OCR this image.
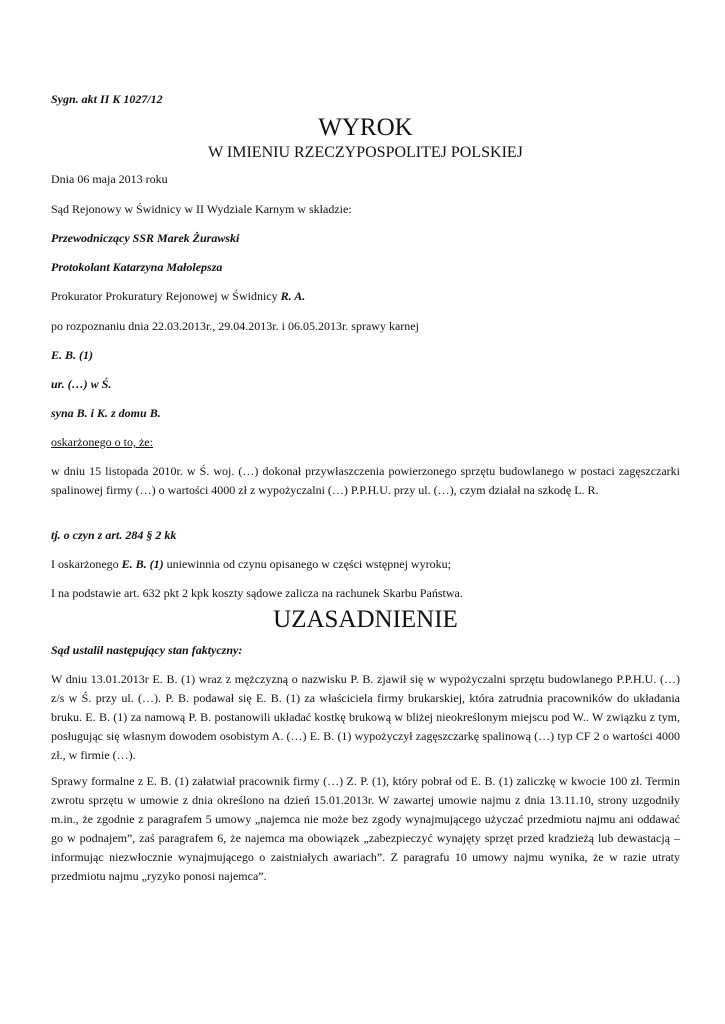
Sygn. akt II K 1027/12

WYROK
W IMIENIU RZECZYPOSPOLITEJ POLSKIEJ

Dnia 06 maja 2013 roku

Sąd Rejonowy w Świdnicy w II Wydziale Karnym w składzie:

Przewodniczący SSR Marek Żurawski

Protokolant Katarzyna Małolepsza

Prokurator Prokuratury Rejonowej w Świdnicy R. A.

po rozpoznaniu dnia 22.03.2013r., 29.04.2013r. i 06.05.2013r. sprawy karnej

E. B. (1)

ur. (…) w Ś.

syna B. i K. z domu B.

oskarżonego o to, że:

w dniu 15 listopada 2010r. w Ś. woj. (…) dokonał przywłaszczenia powierzonego sprzętu budowlanego w postaci zagęszczarki spalinowej firmy (…) o wartości 4000 zł z wypożyczalni (…) P.P.H.U. przy ul. (…), czym działał na szkodę L. R.

tj. o czyn z art. 284 § 2 kk

I oskarżonego E. B. (1) uniewinnia od czynu opisanego w części wstępnej wyroku;

I na podstawie art. 632 pkt 2 kpk koszty sądowe zalicza na rachunek Skarbu Państwa.

UZASADNIENIE

Sąd ustalił następujący stan faktyczny:

W dniu 13.01.2013r E. B. (1) wraz z mężczyzną o nazwisku P. B. zjawił się w wypożyczalni sprzętu budowlanego P.P.H.U. (…) z/s w Ś. przy ul. (…). P. B. podawał się E. B. (1) za właściciela firmy brukarskiej, która zatrudnia pracowników do układania bruku. E. B. (1) za namową P. B. postanowili układać kostkę brukową w bliżej nieokreślonym miejscu pod W.. W związku z tym, posługując się własnym dowodem osobistym A. (…) E. B. (1) wypożyczył zagęszczarkę spalinową (…) typ CF 2 o wartości 4000 zł., w firmie (…).

Sprawy formalne z E. B. (1) załatwiał pracownik firmy (…) Z. P. (1), który pobrał od E. B. (1) zaliczkę w kwocie 100 zł. Termin zwrotu sprzętu w umowie z dnia określono na dzień 15.01.2013r. W zawartej umowie najmu z dnia 13.11.10, strony uzgodniły m.in., że zgodnie z paragrafem 5 umowy „najemca nie może bez zgody wynajmującego użyczać przedmiotu najmu ani oddawać go w podnajem”, zaś paragrafem 6, że najemca ma obowiązek „zabezpieczyć wynajęty sprzęt przed kradzieżą lub dewastacją – informując niezwłocznie wynajmującego o zaistniałych awariach”. Z paragrafu 10 umowy najmu wynika, że w razie utraty przedmiotu najmu „ryzyko ponosi najemca”.
